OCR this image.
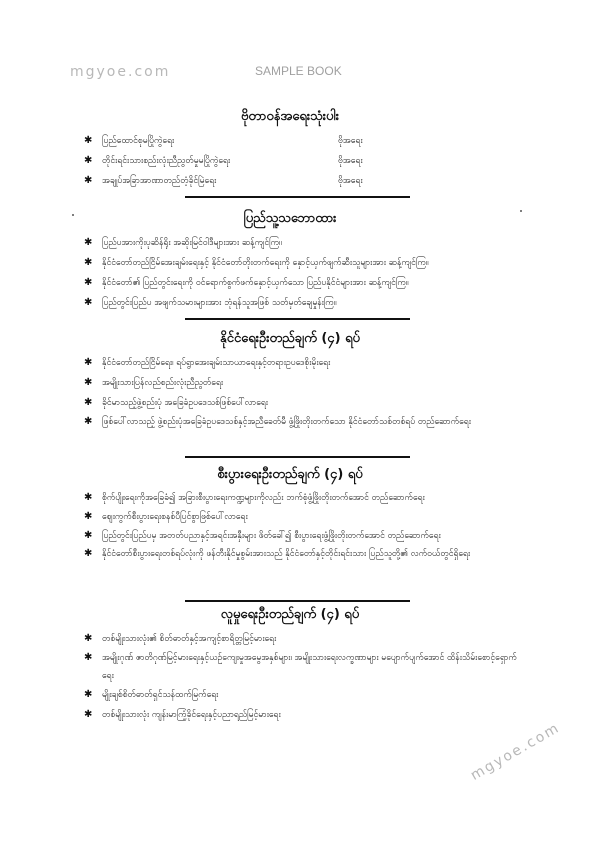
mgyoe.com	SAMPLE BOOK
ဗိုတာဝန်အရေးသုံးပါး
✱ ပြည်ထောင်စုမပြိုကွဲရေး	ဗိုအရေး
✱ တိုင်းရင်းသားစည်းလုံးညီညွတ်မှုမပြိုကွဲရေး	ဗိုအရေး
✱ အချုပ်အခြာအာဏာတည်တံ့ခိုင်မြဲရေး	ဗိုအရေး
ပြည်သူ့သဘောထား
✱ ပြည်ပအားကိုးပုဆိန်ရိုး အဆိုးမြင်ဝါဒီများအား ဆန့်ကျင်ကြ။
✱ နိုင်ငံတော်တည်ငြိမ်အေးချမ်းရေးနှင့် နိုင်ငံတော်တိုးတက်ရေးကို နှောင့်ယှက်ဖျက်ဆီးသူများအား ဆန့်ကျင်ကြ။
✱ နိုင်ငံတော်၏ ပြည်တွင်းရေးကို ဝင်ရောက်စွက်ဖက်နှောင့်ယှက်သော ပြည်ပနိုင်ငံများအား ဆန့်ကျင်ကြ။
✱ ပြည်တွင်းပြည်ပ အဖျက်သမားများအား ဘုံရန်သူအဖြစ် သတ်မှတ်ချေမှုန်းကြ။
နိုင်ငံရေးဦးတည်ချက် (၄) ရပ်
✱ နိုင်ငံတော်တည်ငြိမ်ရေး၊ ရပ်ရွာအေးချမ်းသာယာရေးနှင့်တရားဥပဒေစိုးမိုးရေး
✱ အမျိုးသားပြန်လည်စည်းလုံးညီညွတ်ရေး
✱ ခိုင်မာသည့်ဖွဲ့စည်းပုံ အခြေခံဥပဒေသစ်ဖြစ်ပေါ်လာရေး
✱ ဖြစ်ပေါ်လာသည့် ဖွဲ့စည်းပုံအခြေခံဥပဒေသစ်နှင့်အညီခေတ်မီ ဖွံ့ဖြိုးတိုးတက်သော နိုင်ငံတော်သစ်တစ်ရပ် တည်ဆောက်ရေး
စီးပွားရေးဦးတည်ချက် (၄) ရပ်
✱ စိုက်ပျိုးရေးကိုအခြေခံ၍ အခြားစီးပွားရေးကဏ္ဍများကိုလည်း ဘက်စုံဖွံ့ဖြိုးတိုးတက်အောင် တည်ဆောက်ရေး
✱ ဈေးကွက်စီးပွားရေးစနစ်ပီပြင်စွာဖြစ်ပေါ်လာရေး
✱ ပြည်တွင်းပြည်ပမှ အတတ်ပညာနှင့်အရင်းအနှီးများ ဖိတ်ခေါ်၍ စီးပွားရေးဖွံ့ဖြိုးတိုးတက်အောင် တည်ဆောက်ရေး
✱ နိုင်ငံတော်စီးပွားရေးတစ်ရပ်လုံးကို ဖန်တီးနိုင်မှုစွမ်းအားသည် နိုင်ငံတော်နှင့်တိုင်းရင်းသား ပြည်သူတို့၏ လက်ဝယ်တွင်ရှိရေး
လူမှုရေးဦးတည်ချက် (၄) ရပ်
✱ တစ်မျိုးသားလုံး၏ စိတ်ဓာတ်နှင့်အကျင့်စာရိတ္တမြင့်မားရေး
✱ အမျိုးဂုဏ် ဇာတိဂုဏ်မြင့်မားရေးနှင့်ယဉ်ကျေးမှုအမွေအနှစ်များ၊ အမျိုးသားရေးလက္ခဏာများ မပျောက်ပျက်အောင် ထိန်းသိမ်းစောင့်ရှောက်ရေး
✱ မျိုးချစ်စိတ်ဓာတ်ရှင်သန်ထက်မြက်ရေး
✱ တစ်မျိုးသားလုံး ကျန်းမာကြံ့ခိုင်ရေးနှင့်ပညာရည်မြင့်မားရေး
mgyoe.com
